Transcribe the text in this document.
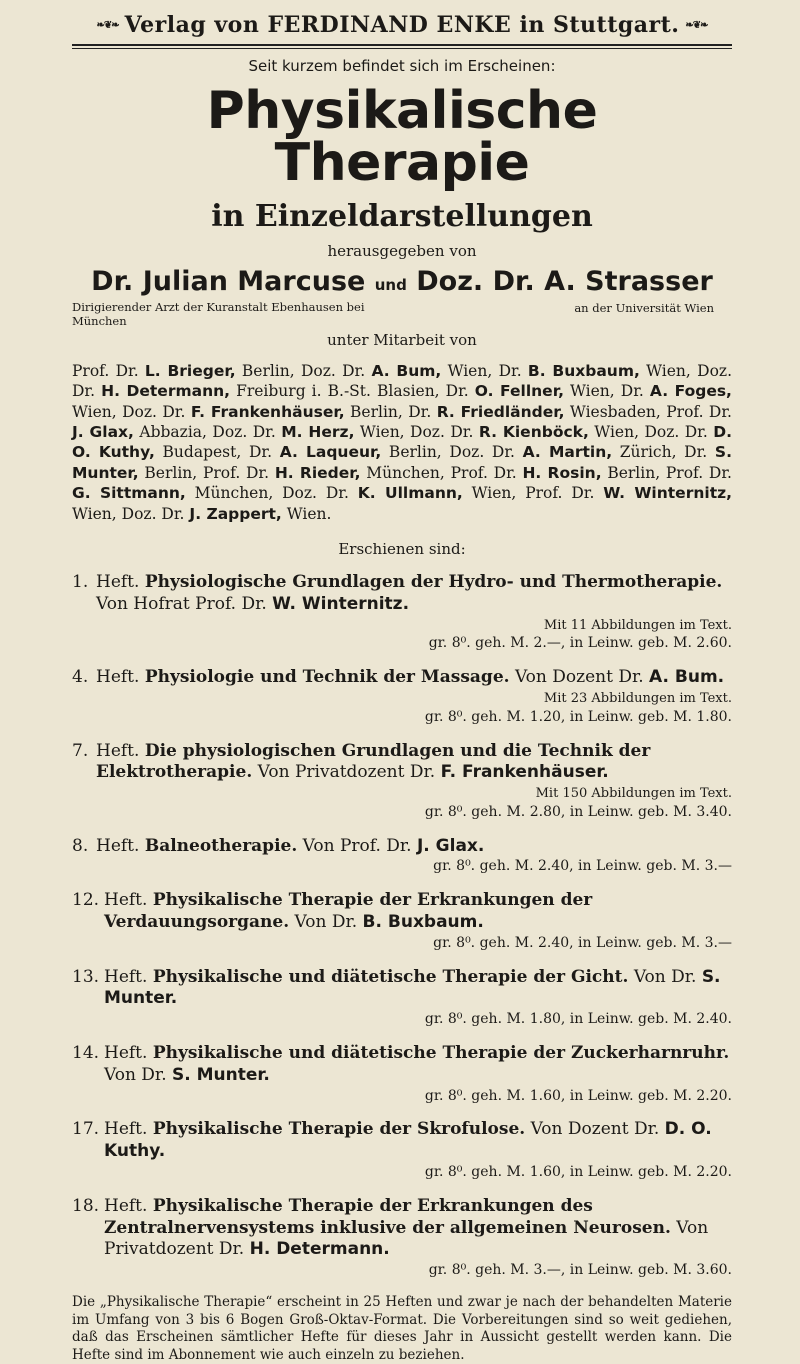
❧❦❧ Verlag von FERDINAND ENKE in Stuttgart. ❧❦❧
Seit kurzem befindet sich im Erscheinen:
Physikalische Therapie
in Einzeldarstellungen
herausgegeben von
Dr. Julian Marcuse und Doz. Dr. A. Strasser
Dirigierender Arzt der Kuranstalt Ebenhausen bei München
an der Universität Wien
unter Mitarbeit von
Prof. Dr. L. Brieger, Berlin, Doz. Dr. A. Bum, Wien, Dr. B. Buxbaum, Wien, Doz. Dr. H. Determann, Freiburg i. B.-St. Blasien, Dr. O. Fellner, Wien, Dr. A. Foges, Wien, Doz. Dr. F. Frankenhäuser, Berlin, Dr. R. Friedländer, Wiesbaden, Prof. Dr. J. Glax, Abbazia, Doz. Dr. M. Herz, Wien, Doz. Dr. R. Kienböck, Wien, Doz. Dr. D. O. Kuthy, Budapest, Dr. A. Laqueur, Berlin, Doz. Dr. A. Martin, Zürich, Dr. S. Munter, Berlin, Prof. Dr. H. Rieder, München, Prof. Dr. H. Rosin, Berlin, Prof. Dr. G. Sittmann, München, Doz. Dr. K. Ullmann, Wien, Prof. Dr. W. Winternitz, Wien, Doz. Dr. J. Zappert, Wien.
Erschienen sind:
1. Heft. Physiologische Grundlagen der Hydro- und Thermotherapie. Von Hofrat Prof. Dr. W. Winternitz.
Mit 11 Abbildungen im Text.
gr. 8⁰. geh. M. 2.—, in Leinw. geb. M. 2.60.
4. Heft. Physiologie und Technik der Massage. Von Dozent Dr. A. Bum.
Mit 23 Abbildungen im Text.
gr. 8⁰. geh. M. 1.20, in Leinw. geb. M. 1.80.
7. Heft. Die physiologischen Grundlagen und die Technik der Elektrotherapie. Von Privatdozent Dr. F. Frankenhäuser.
Mit 150 Abbildungen im Text.
gr. 8⁰. geh. M. 2.80, in Leinw. geb. M. 3.40.
8. Heft. Balneotherapie. Von Prof. Dr. J. Glax.
gr. 8⁰. geh. M. 2.40, in Leinw. geb. M. 3.—
12. Heft. Physikalische Therapie der Erkrankungen der Verdauungsorgane. Von Dr. B. Buxbaum.
gr. 8⁰. geh. M. 2.40, in Leinw. geb. M. 3.—
13. Heft. Physikalische und diätetische Therapie der Gicht. Von Dr. S. Munter.
gr. 8⁰. geh. M. 1.80, in Leinw. geb. M. 2.40.
14. Heft. Physikalische und diätetische Therapie der Zuckerharnruhr. Von Dr. S. Munter.
gr. 8⁰. geh. M. 1.60, in Leinw. geb. M. 2.20.
17. Heft. Physikalische Therapie der Skrofulose. Von Dozent Dr. D. O. Kuthy.
gr. 8⁰. geh. M. 1.60, in Leinw. geb. M. 2.20.
18. Heft. Physikalische Therapie der Erkrankungen des Zentralnervensystems inklusive der allgemeinen Neurosen. Von Privatdozent Dr. H. Determann.
gr. 8⁰. geh. M. 3.—, in Leinw. geb. M. 3.60.
Die „Physikalische Therapie“ erscheint in 25 Heften und zwar je nach der behandelten Materie im Umfang von 3 bis 6 Bogen Groß-Oktav-Format. Die Vorbereitungen sind so weit gediehen, daß das Erscheinen sämtlicher Hefte für dieses Jahr in Aussicht gestellt werden kann. Die Hefte sind im Abonnement wie auch einzeln zu beziehen.
